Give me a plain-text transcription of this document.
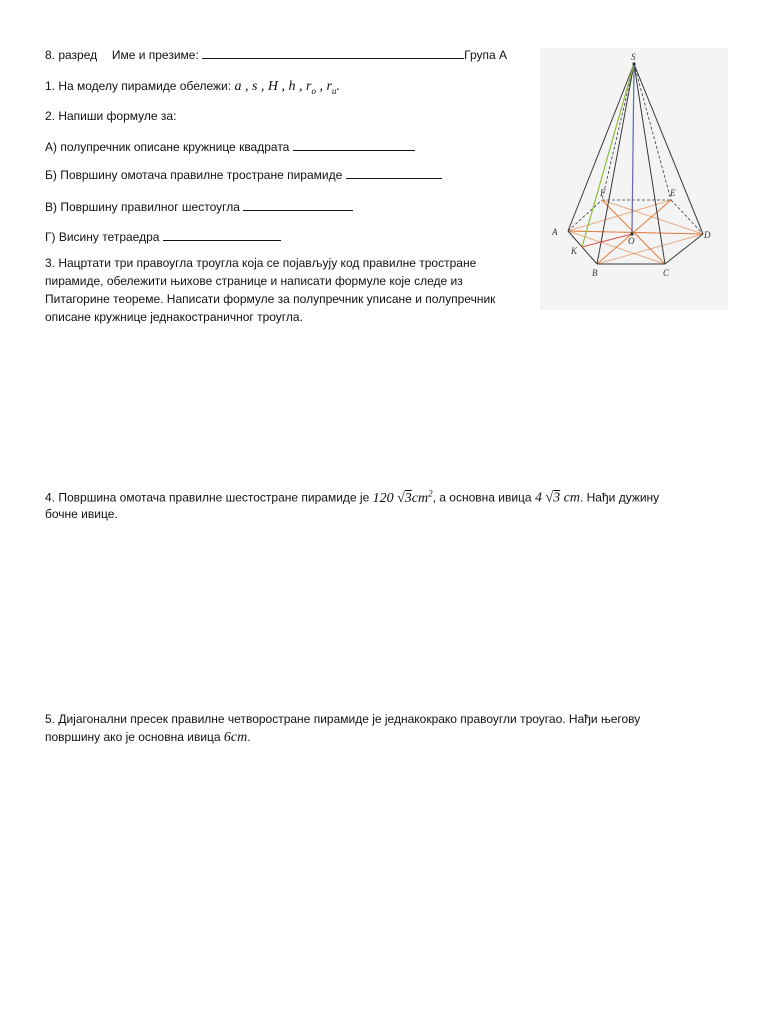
8. разред Име и презиме:	Група А
1. На моделу пирамиде обележи: a , s , H , h , $r_o$ , $r_u$.
2. Напиши формуле за:
А) полупречник описане кружнице квадрата
Б) Површину омотача правилне тростране пирамиде
В) Површину правилног шестоугла
Г) Висину тетраедра
3. Нацртати три правоугла троугла која се појављују код правилне тростране пирамиде, обележити њихове странице и написати формуле које следе из Питагорине теореме. Написати формуле за полупречник уписане и полупречник описане кружнице једнакостраничног троугла.
4. Површина омотача правилне шестостране пирамиде је 120 $√3cm^2$, а основна ивица 4 √3 cm. Нађи дужину
бочне ивице.
5. Дијагонални пресек правилне четворостране пирамиде је једнакокрако правоугли троугао. Нађи његову
површину ако је основна ивица 6cm.
S
A
B	C
D
E
F
O
K
